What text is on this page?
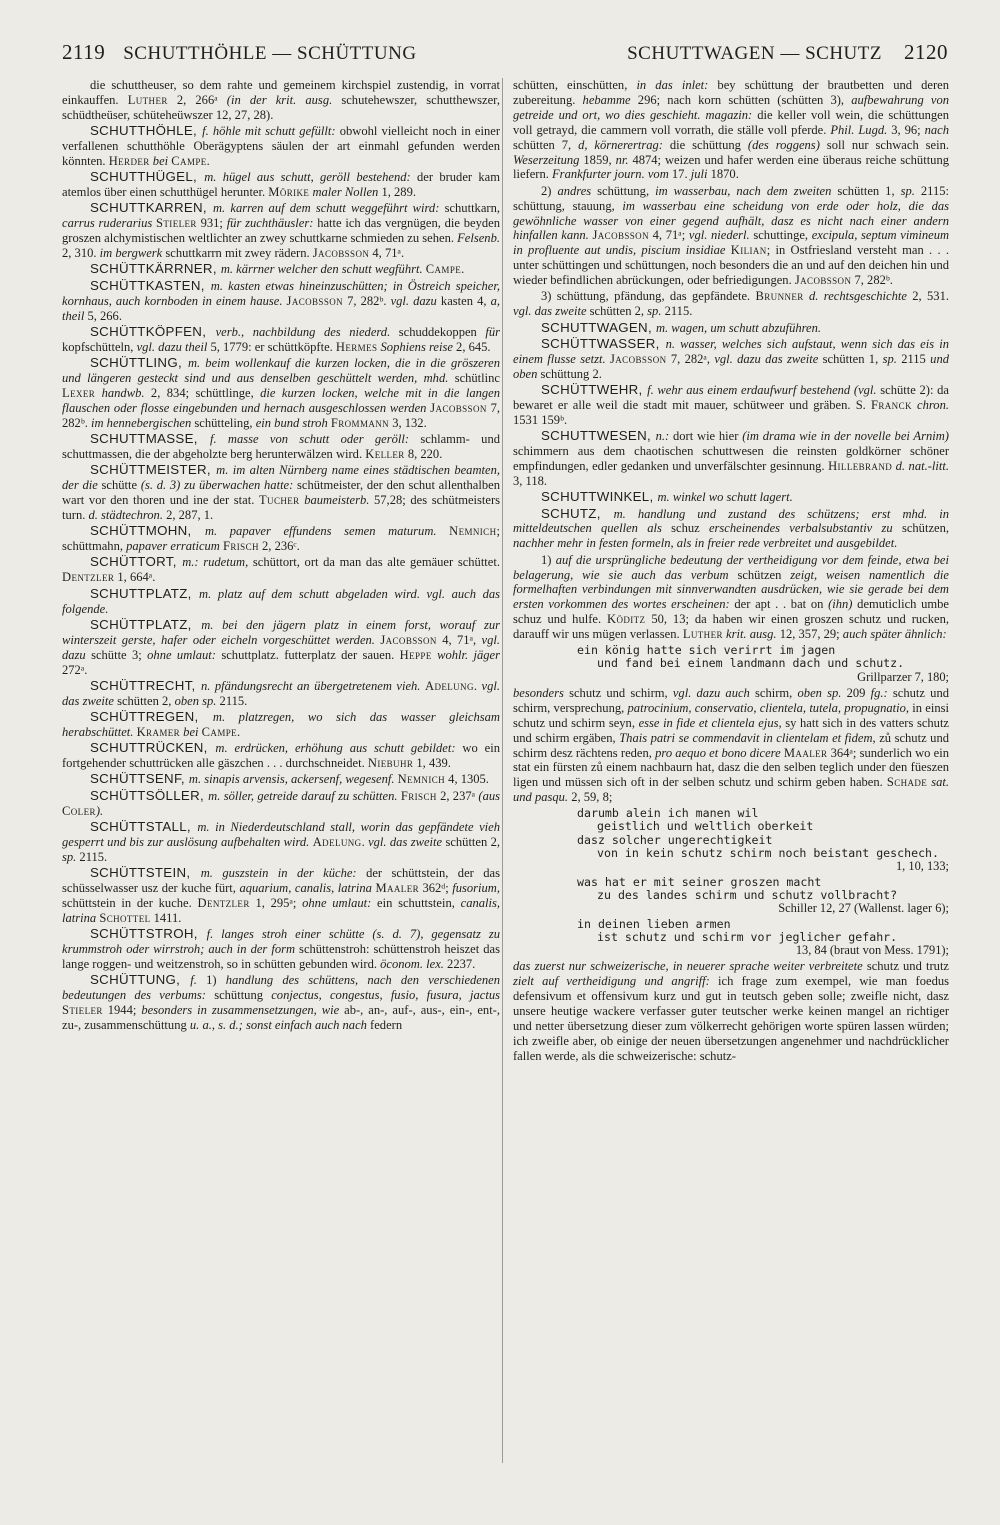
2119 SCHUTTHÖHLE — SCHÜTTUNG	SCHUTTWAGEN — SCHUTZ 2120

die schuttheuser, so dem rahte und gemeinem kirchspiel zustendig, in vorrat einkauffen. Luther 2, 266ᵃ (in der krit. ausg. schutehewszer, schutthewszer, schüdtheüser, schüteheüwszer 12, 27, 28).

SCHUTTHÖHLE, f. höhle mit schutt gefüllt: obwohl vielleicht noch in einer verfallenen schutthöhle Oberägyptens säulen der art einmahl gefunden werden könnten. Herder bei Campe.

SCHUTTHÜGEL, m. hügel aus schutt, geröll bestehend: der bruder kam atemlos über einen schutthügel herunter. Mörike maler Nollen 1, 289.

SCHUTTKARREN, m. karren auf dem schutt weggeführt wird: schuttkarn, carrus ruderarius Stieler 931; für zuchthäusler: hatte ich das vergnügen, die beyden groszen alchymistischen weltlichter an zwey schuttkarne schmieden zu sehen. Felsenb. 2, 310. im bergwerk schuttkarrn mit zwey rädern. Jacobsson 4, 71ᵃ.

SCHÜTTKÄRRNER, m. kärrner welcher den schutt wegführt. Campe.

SCHÜTTKASTEN, m. kasten etwas hineinzuschütten; in Östreich speicher, kornhaus, auch kornboden in einem hause. Jacobsson 7, 282ᵇ. vgl. dazu kasten 4, a, theil 5, 266.

SCHÜTTKÖPFEN, verb., nachbildung des niederd. schuddekoppen für kopfschütteln, vgl. dazu theil 5, 1779: er schüttköpfte. Hermes Sophiens reise 2, 645.

SCHÜTTLING, m. beim wollenkauf die kurzen locken, die in die gröszeren und längeren gesteckt sind und aus denselben geschüttelt werden, mhd. schütlinc Lexer handwb. 2, 834; schüttlinge, die kurzen locken, welche mit in die langen flauschen oder flosse eingebunden und hernach ausgeschlossen werden Jacobsson 7, 282ᵇ. im hennebergischen schütteling, ein bund stroh Frommann 3, 132.

SCHUTTMASSE, f. masse von schutt oder geröll: schlamm- und schuttmassen, die der abgeholzte berg herunterwälzen wird. Keller 8, 220.

SCHÜTTMEISTER, m. im alten Nürnberg name eines städtischen beamten, der die schütte (s. d. 3) zu überwachen hatte: schütmeister, der den schut allenthalben wart vor den thoren und ine der stat. Tucher baumeisterb. 57,28; des schütmeisters turn. d. städtechron. 2, 287, 1.

SCHÜTTMOHN, m. papaver effundens semen maturum. Nemnich; schüttmahn, papaver erraticum Frisch 2, 236ᶜ.

SCHÜTTORT, m.: rudetum, schüttort, ort da man das alte gemäuer schüttet. Dentzler 1, 664ᵃ.

SCHUTTPLATZ, m. platz auf dem schutt abgeladen wird. vgl. auch das folgende.

SCHÜTTPLATZ, m. bei den jägern platz in einem forst, worauf zur winterszeit gerste, hafer oder eicheln vorgeschüttet werden. Jacobsson 4, 71ᵃ, vgl. dazu schütte 3; ohne umlaut: schuttplatz. futterplatz der sauen. Heppe wohlr. jäger 272ᵃ.

SCHÜTTRECHT, n. pfändungsrecht an übergetretenem vieh. Adelung. vgl. das zweite schütten 2, oben sp. 2115.

SCHÜTTREGEN, m. platzregen, wo sich das wasser gleichsam herabschüttet. Kramer bei Campe.

SCHUTTRÜCKEN, m. erdrücken, erhöhung aus schutt gebildet: wo ein fortgehender schuttrücken alle gäszchen . . . durchschneidet. Niebuhr 1, 439.

SCHÜTTSENF, m. sinapis arvensis, ackersenf, wegesenf. Nemnich 4, 1305.

SCHÜTTSÖLLER, m. söller, getreide darauf zu schütten. Frisch 2, 237ᵃ (aus Coler).

SCHÜTTSTALL, m. in Niederdeutschland stall, worin das gepfändete vieh gesperrt und bis zur auslösung aufbehalten wird. Adelung. vgl. das zweite schütten 2, sp. 2115.

SCHÜTTSTEIN, m. guszstein in der küche: der schüttstein, der das schüsselwasser usz der kuche fürt, aquarium, canalis, latrina Maaler 362ᵈ; fusorium, schüttstein in der kuche. Dentzler 1, 295ᵃ; ohne umlaut: ein schuttstein, canalis, latrina Schottel 1411.

SCHÜTTSTROH, f. langes stroh einer schütte (s. d. 7), gegensatz zu krummstroh oder wirrstroh; auch in der form schüttenstroh: schüttenstroh heiszet das lange roggen- und weitzenstroh, so in schütten gebunden wird. öconom. lex. 2237.

SCHÜTTUNG, f. 1) handlung des schüttens, nach den verschiedenen bedeutungen des verbums: schüttung conjectus, congestus, fusio, fusura, jactus Stieler 1944; besonders in zusammensetzungen, wie ab-, an-, auf-, aus-, ein-, ent-, zu-, zusammenschüttung u. a., s. d.; sonst einfach auch nach federn

schütten, einschütten, in das inlet: bey schüttung der brautbetten und deren zubereitung. hebamme 296; nach korn schütten (schütten 3), aufbewahrung von getreide und ort, wo dies geschieht. magazin: die keller voll wein, die schüttungen voll getrayd, die cammern voll vorrath, die ställe voll pferde. Phil. Lugd. 3, 96; nach schütten 7, d, körnerertrag: die schüttung (des roggens) soll nur schwach sein. Weserzeitung 1859, nr. 4874; weizen und hafer werden eine überaus reiche schüttung liefern. Frankfurter journ. vom 17. juli 1870.

2) andres schüttung, im wasserbau, nach dem zweiten schütten 1, sp. 2115: schüttung, stauung, im wasserbau eine scheidung von erde oder holz, die das gewöhnliche wasser von einer gegend aufhält, dasz es nicht nach einer andern hinfallen kann. Jacobsson 4, 71ᵃ; vgl. niederl. schuttinge, excipula, septum vimineum in profluente aut undis, piscium insidiae Kilian; in Ostfriesland versteht man . . . unter schüttingen und schüttungen, noch besonders die an und auf den deichen hin und wieder befindlichen abrückungen, oder befriedigungen. Jacobsson 7, 282ᵇ.

3) schüttung, pfändung, das gepfändete. Brunner d. rechtsgeschichte 2, 531. vgl. das zweite schütten 2, sp. 2115.

SCHUTTWAGEN, m. wagen, um schutt abzuführen.

SCHÜTTWASSER, n. wasser, welches sich aufstaut, wenn sich das eis in einem flusse setzt. Jacobsson 7, 282ᵃ, vgl. dazu das zweite schütten 1, sp. 2115 und oben schüttung 2.

SCHÜTTWEHR, f. wehr aus einem erdaufwurf bestehend (vgl. schütte 2): da bewaret er alle weil die stadt mit mauer, schütweer und gräben. S. Franck chron. 1531 159ᵇ.

SCHUTTWESEN, n.: dort wie hier (im drama wie in der novelle bei Arnim) schimmern aus dem chaotischen schuttwesen die reinsten goldkörner schöner empfindungen, edler gedanken und unverfälschter gesinnung. Hillebrand d. nat.-litt. 3, 118.

SCHUTTWINKEL, m. winkel wo schutt lagert.

SCHUTZ, m. handlung und zustand des schützens; erst mhd. in mitteldeutschen quellen als schuz erscheinendes verbalsubstantiv zu schützen, nachher mehr in festen formeln, als in freier rede verbreitet und ausgebildet.

1) auf die ursprüngliche bedeutung der vertheidigung vor dem feinde, etwa bei belagerung, wie sie auch das verbum schützen zeigt, weisen namentlich die formelhaften verbindungen mit sinnverwandten ausdrücken, wie sie gerade bei dem ersten vorkommen des wortes erscheinen: der apt . . bat on (ihn) demuticlich umbe schuz und hulfe. Köditz 50, 13; da haben wir einen groszen schutz und rucken, darauff wir uns mügen verlassen. Luther krit. ausg. 12, 357, 29; auch später ähnlich:

ein könig hatte sich verirrt im jagen
und fand bei einem landmann dach und schutz.
Grillparzer 7, 180;

besonders schutz und schirm, vgl. dazu auch schirm, oben sp. 209 fg.: schutz und schirm, versprechung, patrocinium, conservatio, clientela, tutela, propugnatio, in einsi schutz und schirm seyn, esse in fide et clientela ejus, sy hatt sich in des vatters schutz und schirm ergäben, Thais patri se commendavit in clientelam et fidem, zů schutz und schirm desz rächtens reden, pro aequo et bono dicere Maaler 364ᵃ; sunderlich wo ein stat ein fürsten zů einem nachbaurn hat, dasz die den selben teglich under den füeszen ligen und müssen sich oft in der selben schutz und schirm geben haben. Schade sat. und pasqu. 2, 59, 8;

darumb alein ich manen wil
geistlich und weltlich oberkeit
dasz solcher ungerechtigkeit
von in kein schutz schirm noch beistant geschech.
1, 10, 133;
was hat er mit seiner groszen macht
zu des landes schirm und schutz vollbracht?
Schiller 12, 27 (Wallenst. lager 6);
in deinen lieben armen
ist schutz und schirm vor jeglicher gefahr.
13, 84 (braut von Mess. 1791);

das zuerst nur schweizerische, in neuerer sprache weiter verbreitete schutz und trutz zielt auf vertheidigung und angriff: ich frage zum exempel, wie man foedus defensivum et offensivum kurz und gut in teutsch geben solle; zweifle nicht, dasz unsere heutige wackere verfasser guter teutscher werke keinen mangel an richtiger und netter übersetzung dieser zum völkerrecht gehörigen worte spüren lassen würden; ich zweifle aber, ob einige der neuen übersetzungen angenehmer und nachdrücklicher fallen werde, als die schweizerische: schutz-
